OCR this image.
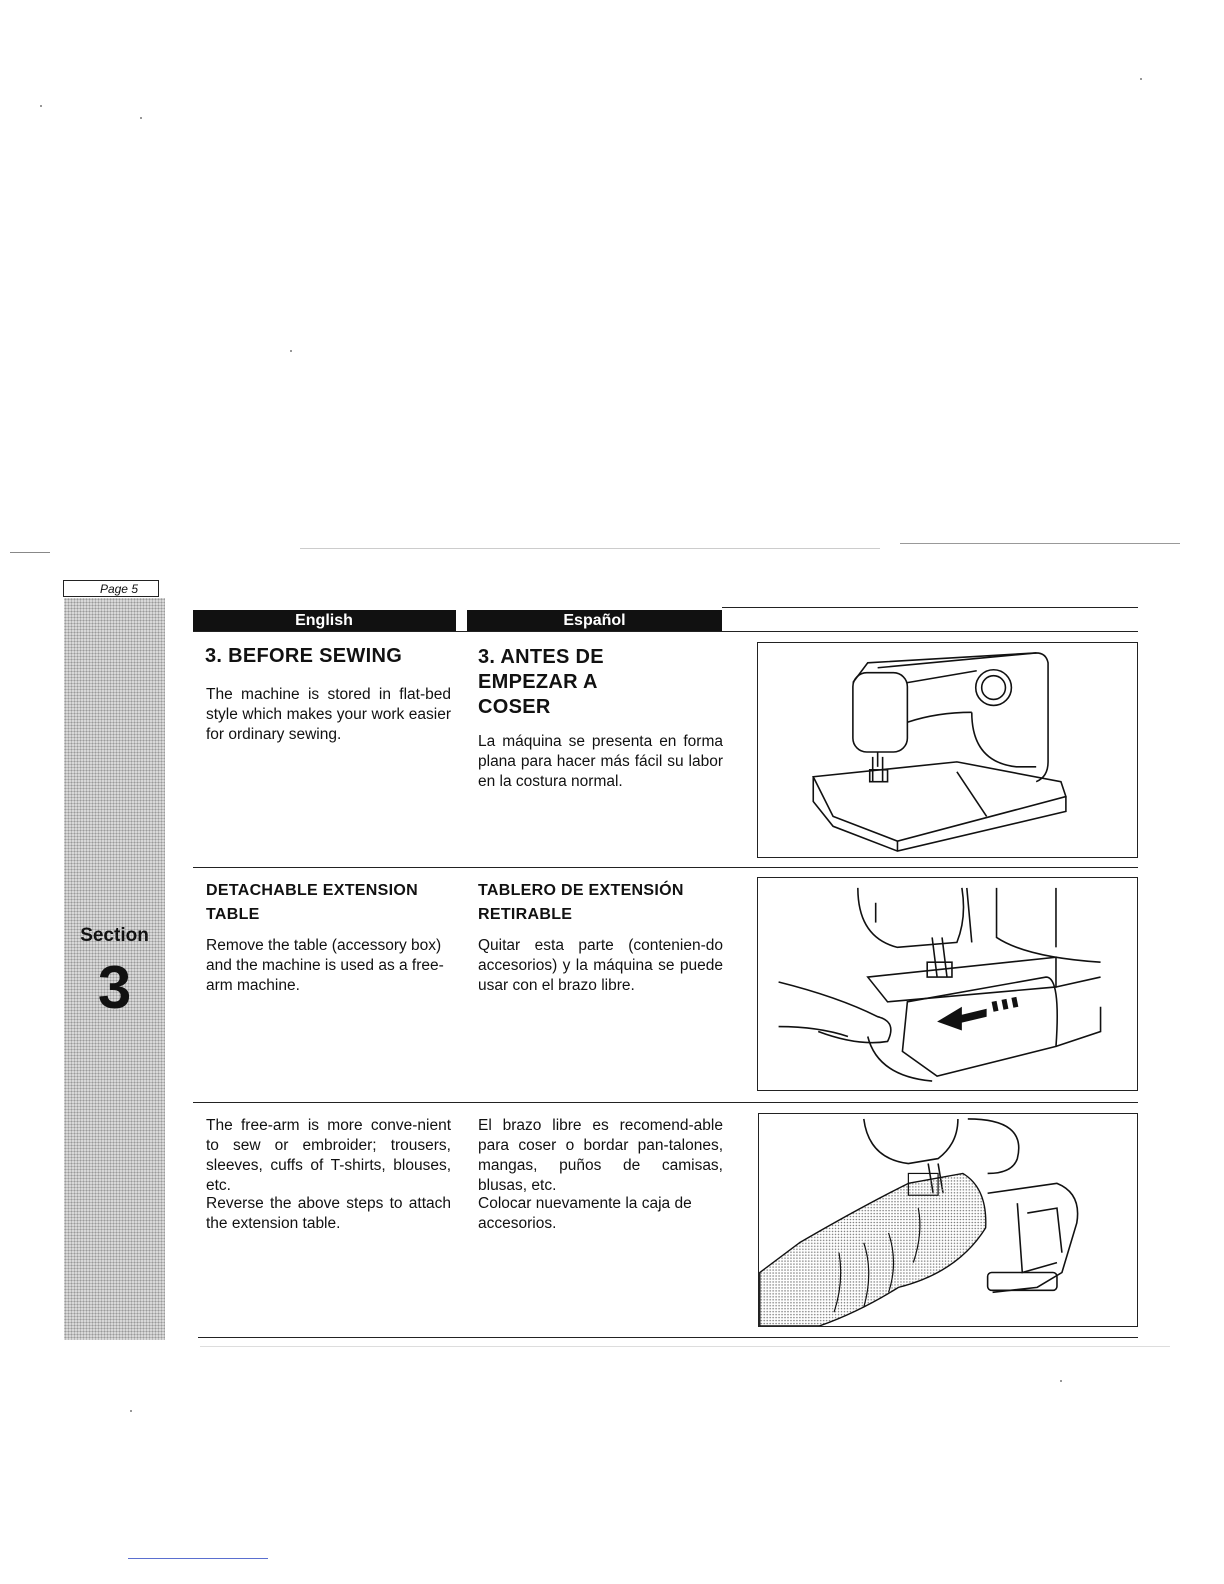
Page 5
Section
3
English	Español
3. BEFORE SEWING
The machine is stored in flat-bed style which makes your work easier for ordinary sewing.
3. ANTES DE EMPEZAR A COSER
La máquina se presenta en forma plana para hacer más fácil su labor en la costura normal.
DETACHABLE EXTENSION TABLE
Remove the table (accessory box) and the machine is used as a free-arm machine.
TABLERO DE EXTENSIÓN RETIRABLE
Quitar esta parte (contenien-do accesorios) y la máquina se puede usar con el brazo libre.
The free-arm is more conve-nient to sew or embroider; trousers, sleeves, cuffs of T-shirts, blouses, etc.
Reverse the above steps to attach the extension table.
El brazo libre es recomend-able para coser o bordar pan-talones, mangas, puños de camisas, blusas, etc.
Colocar nuevamente la caja de accesorios.
